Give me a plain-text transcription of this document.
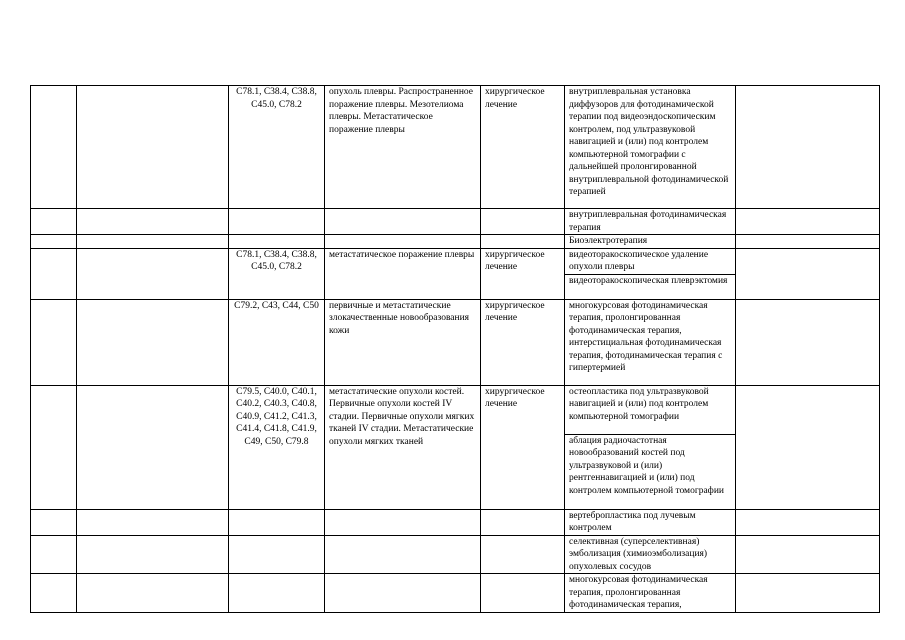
		C78.1, C38.4, C38.8, C45.0, C78.2	опухоль плевры. Распространенное поражение плевры. Мезотелиома плевры. Метастатическое поражение плевры	хирургическое лечение	внутриплевральная установка диффузоров для фотодинамической терапии под видеоэндоскопическим контролем, под ультразвуковой навигацией и (или) под контролем компьютерной томографии с дальнейшей пролонгированной внутриплевральной фотодинамической терапией	
					внутриплевральная фотодинамическая терапия	
					Биоэлектротерапия	
		C78.1, C38.4, C38.8, C45.0, C78.2	метастатическое поражение плевры	хирургическое лечение	видеоторакоскопическое удаление опухоли плевры	
					видеоторакоскопическая плеврэктомия	
		C79.2, C43, C44, C50	первичные и метастатические злокачественные новообразования кожи	хирургическое лечение	многокурсовая фотодинамическая терапия, пролонгированная фотодинамическая терапия, интерстициальная фотодинамическая терапия, фотодинамическая терапия с гипертермией	
		C79.5, C40.0, C40.1, C40.2, C40.3, C40.8, C40.9, C41.2, C41.3, C41.4, C41.8, C41.9, C49, C50, C79.8	метастатические опухоли костей. Первичные опухоли костей IV стадии. Первичные опухоли мягких тканей IV стадии. Метастатические опухоли мягких тканей	хирургическое лечение	остеопластика под ультразвуковой навигацией и (или) под контролем компьютерной томографии	
					аблация радиочастотная новообразований костей под ультразвуковой и (или) рентгеннавигацией и (или) под контролем компьютерной томографии	
					вертебропластика под лучевым контролем	
					селективная (суперселективная) эмболизация (химиоэмболизация) опухолевых сосудов	
					многокурсовая фотодинамическая терапия, пролонгированная фотодинамическая терапия,	
